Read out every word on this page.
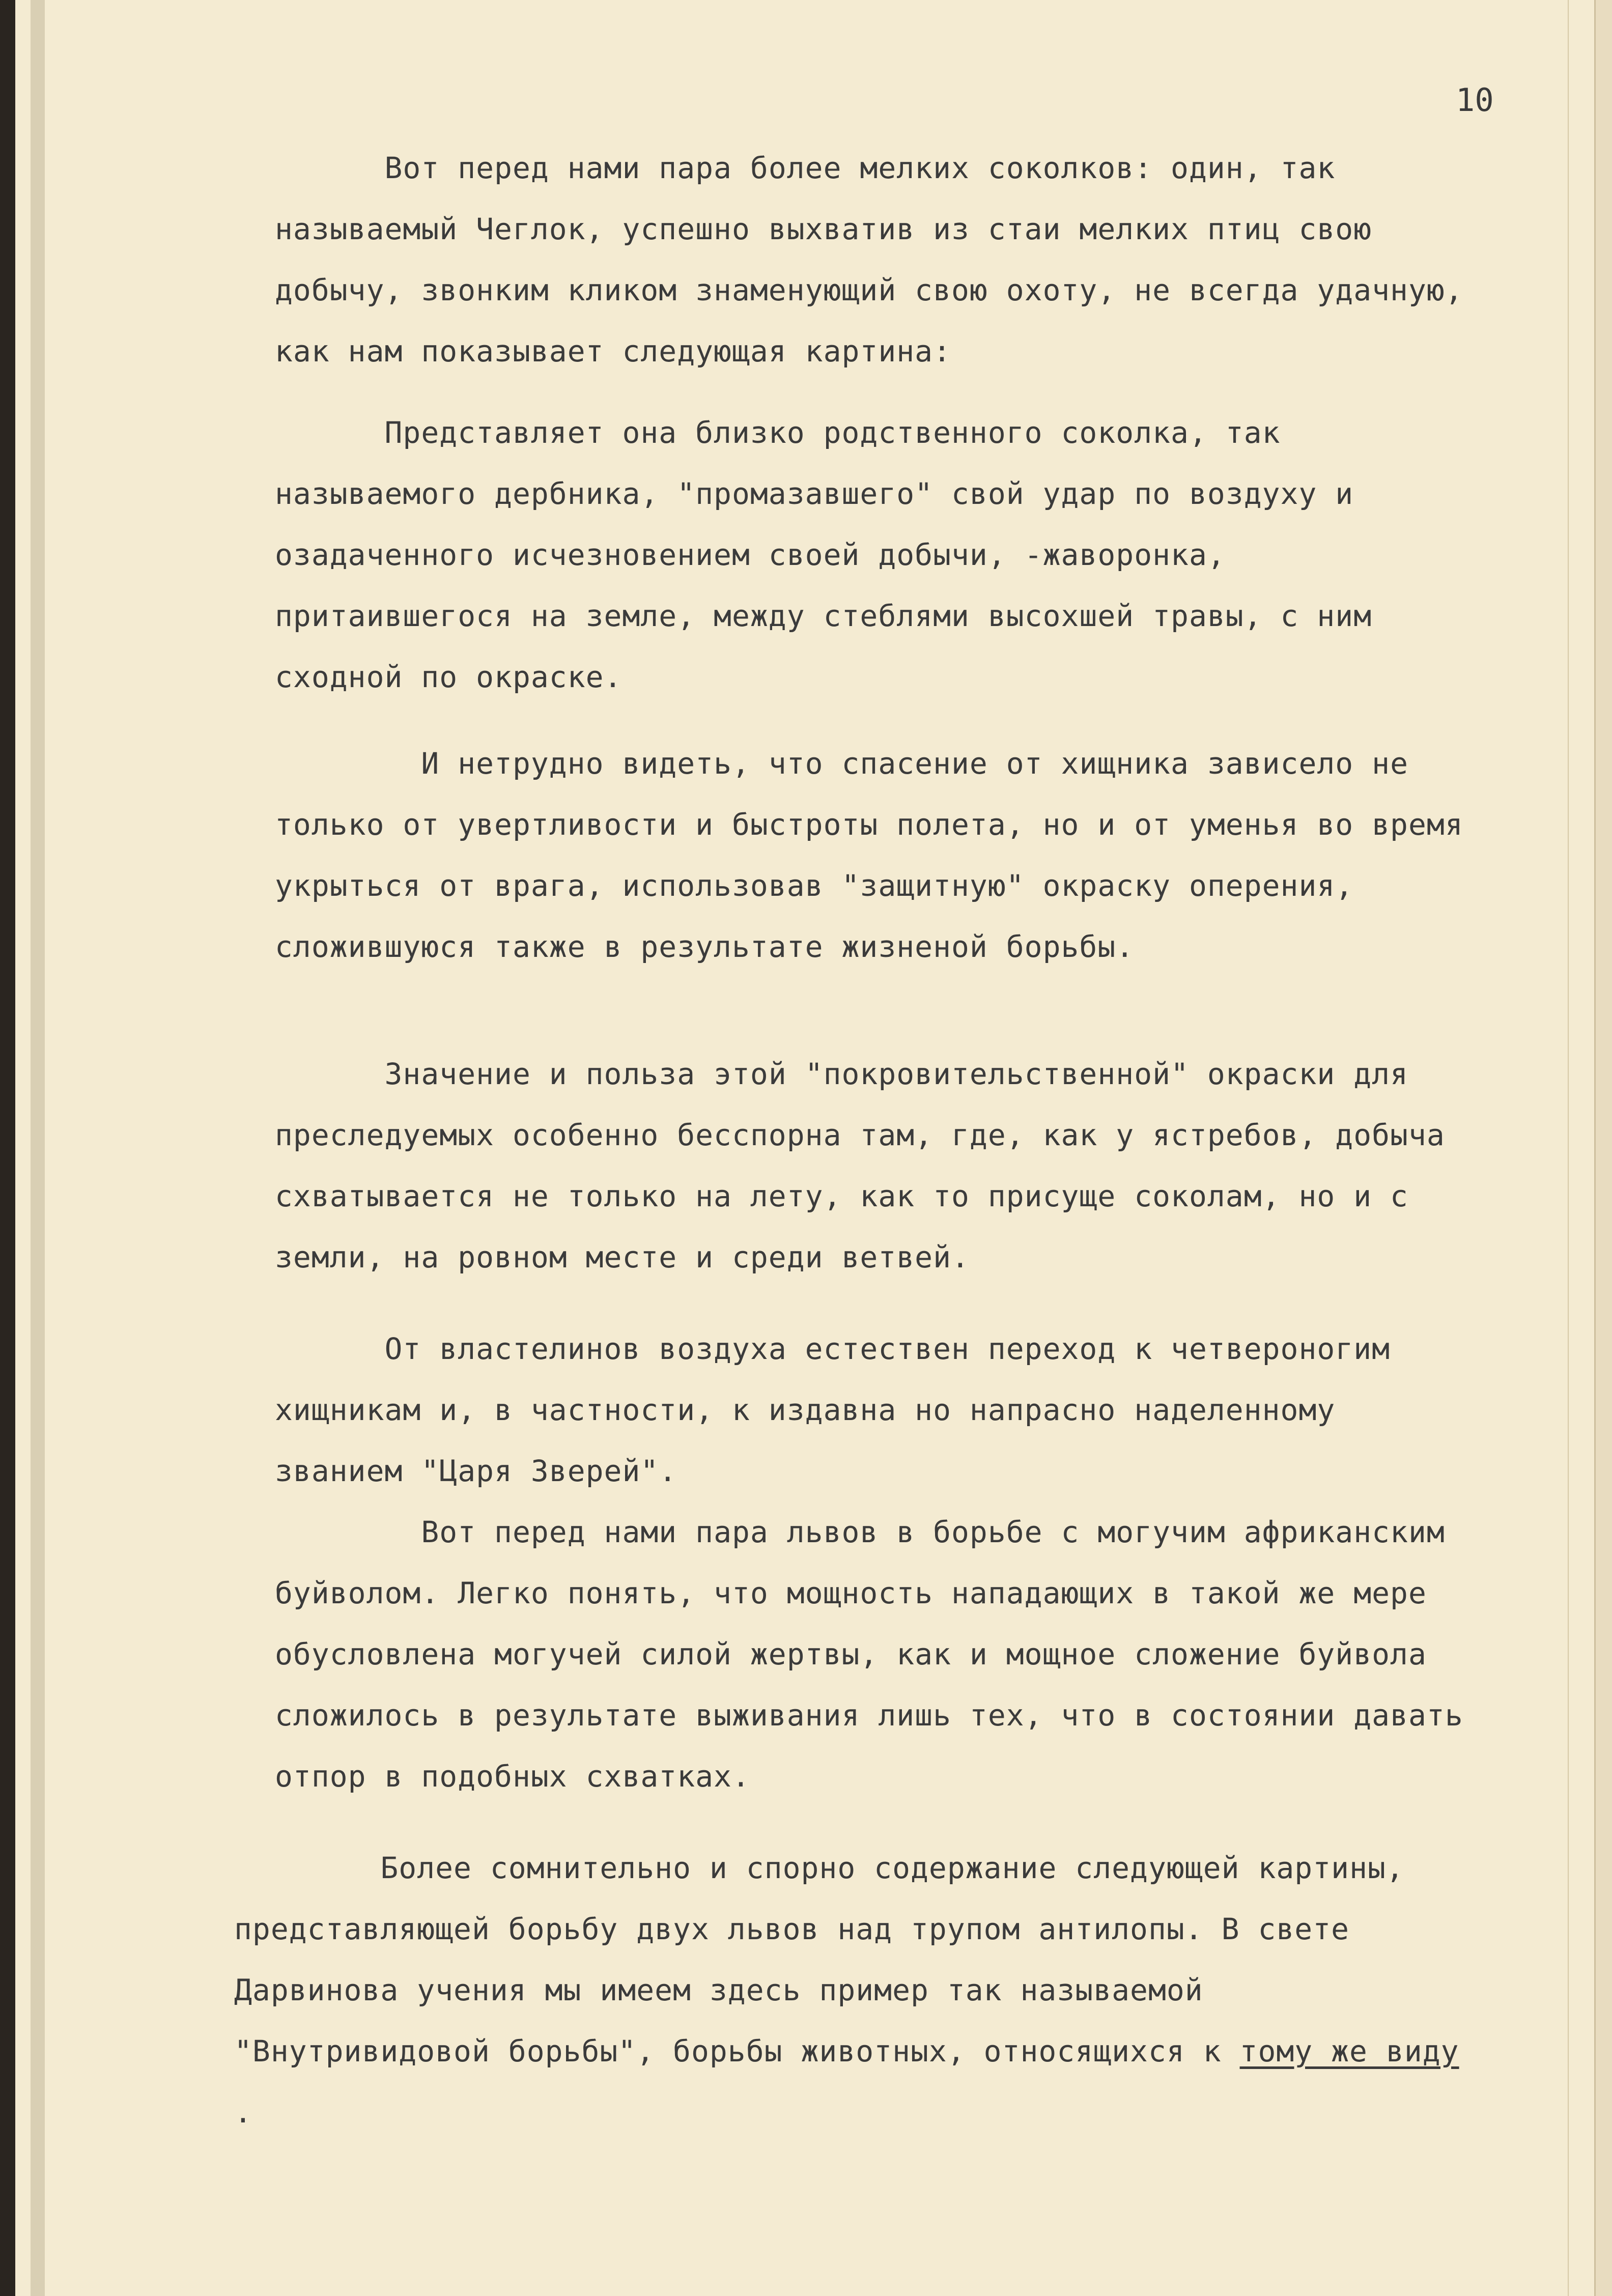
10

Вот перед нами пара более мелких соколков: один, так называемый Чеглок, успешно выхватив из стаи мелких птиц свою добычу, звонким кликом знаменующий свою охоту, не всегда удачную, как нам показывает следующая картина:

Представляет она близко родственного соколка, так называемого дербника, "промазавшего" свой удар по воздуху и озадаченного исчезновением своей добычи, -жаворонка, притаившегося на земле, между стеблями высохшей травы, с ним сходной по окраске.

И нетрудно видеть, что спасение от хищника зависело не только от увертливости и быстроты полета, но и от уменья во время укрыться от врага, использовав "защитную" окраску оперения, сложившуюся также в результате жизненой борьбы.

Значение и польза этой "покровительственной" окраски для преследуемых особенно бесспорна там, где, как у ястребов, добыча схватывается не только на лету, как то присуще соколам, но и с земли, на ровном месте и среди ветвей.

От властелинов воздуха естествен переход к четвероногим хищникам и, в частности, к издавна но напрасно наделенному званием "Царя Зверей".

Вот перед нами пара львов в борьбе с могучим африканским буйволом. Легко понять, что мощность нападающих в такой же мере обусловлена могучей силой жертвы, как и мощное сложение буйвола сложилось в результате выживания лишь тех, что в состоянии давать отпор в подобных схватках.

Более сомнительно и спорно содержание следующей картины, представляющей борьбу двух львов над трупом антилопы. В свете Дарвинова учения мы имеем здесь пример так называемой "Внутривидовой борьбы", борьбы животных, относящихся к тому же виду .
